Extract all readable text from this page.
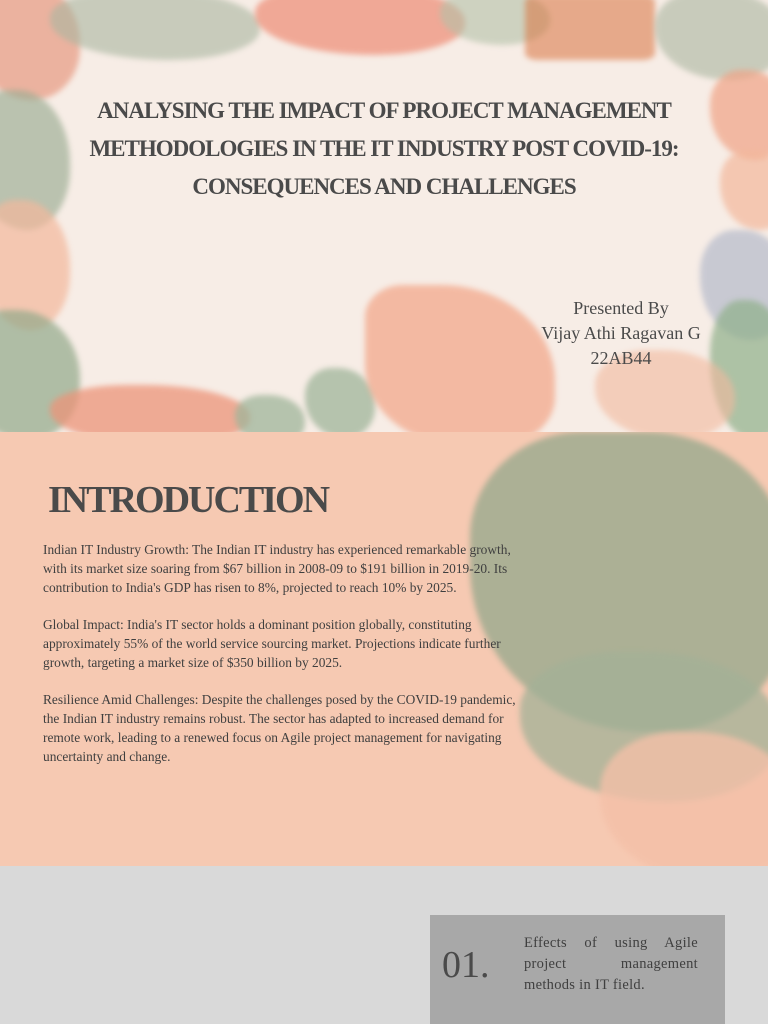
ANALYSING THE IMPACT OF PROJECT MANAGEMENT
METHODOLOGIES IN THE IT INDUSTRY POST COVID-19:
CONSEQUENCES AND CHALLENGES
Presented By
Vijay Athi Ragavan G
22AB44
INTRODUCTION

Indian IT Industry Growth: The Indian IT industry has experienced remarkable growth, with its market size soaring from $67 billion in 2008-09 to $191 billion in 2019-20. Its contribution to India's GDP has risen to 8%, projected to reach 10% by 2025.

Global Impact: India's IT sector holds a dominant position globally, constituting approximately 55% of the world service sourcing market. Projections indicate further growth, targeting a market size of $350 billion by 2025.

Resilience Amid Challenges: Despite the challenges posed by the COVID-19 pandemic, the Indian IT industry remains robust. The sector has adapted to increased demand for remote work, leading to a renewed focus on Agile project management for navigating uncertainty and change.

01.
Effects of using Agile project management methods in IT field.
